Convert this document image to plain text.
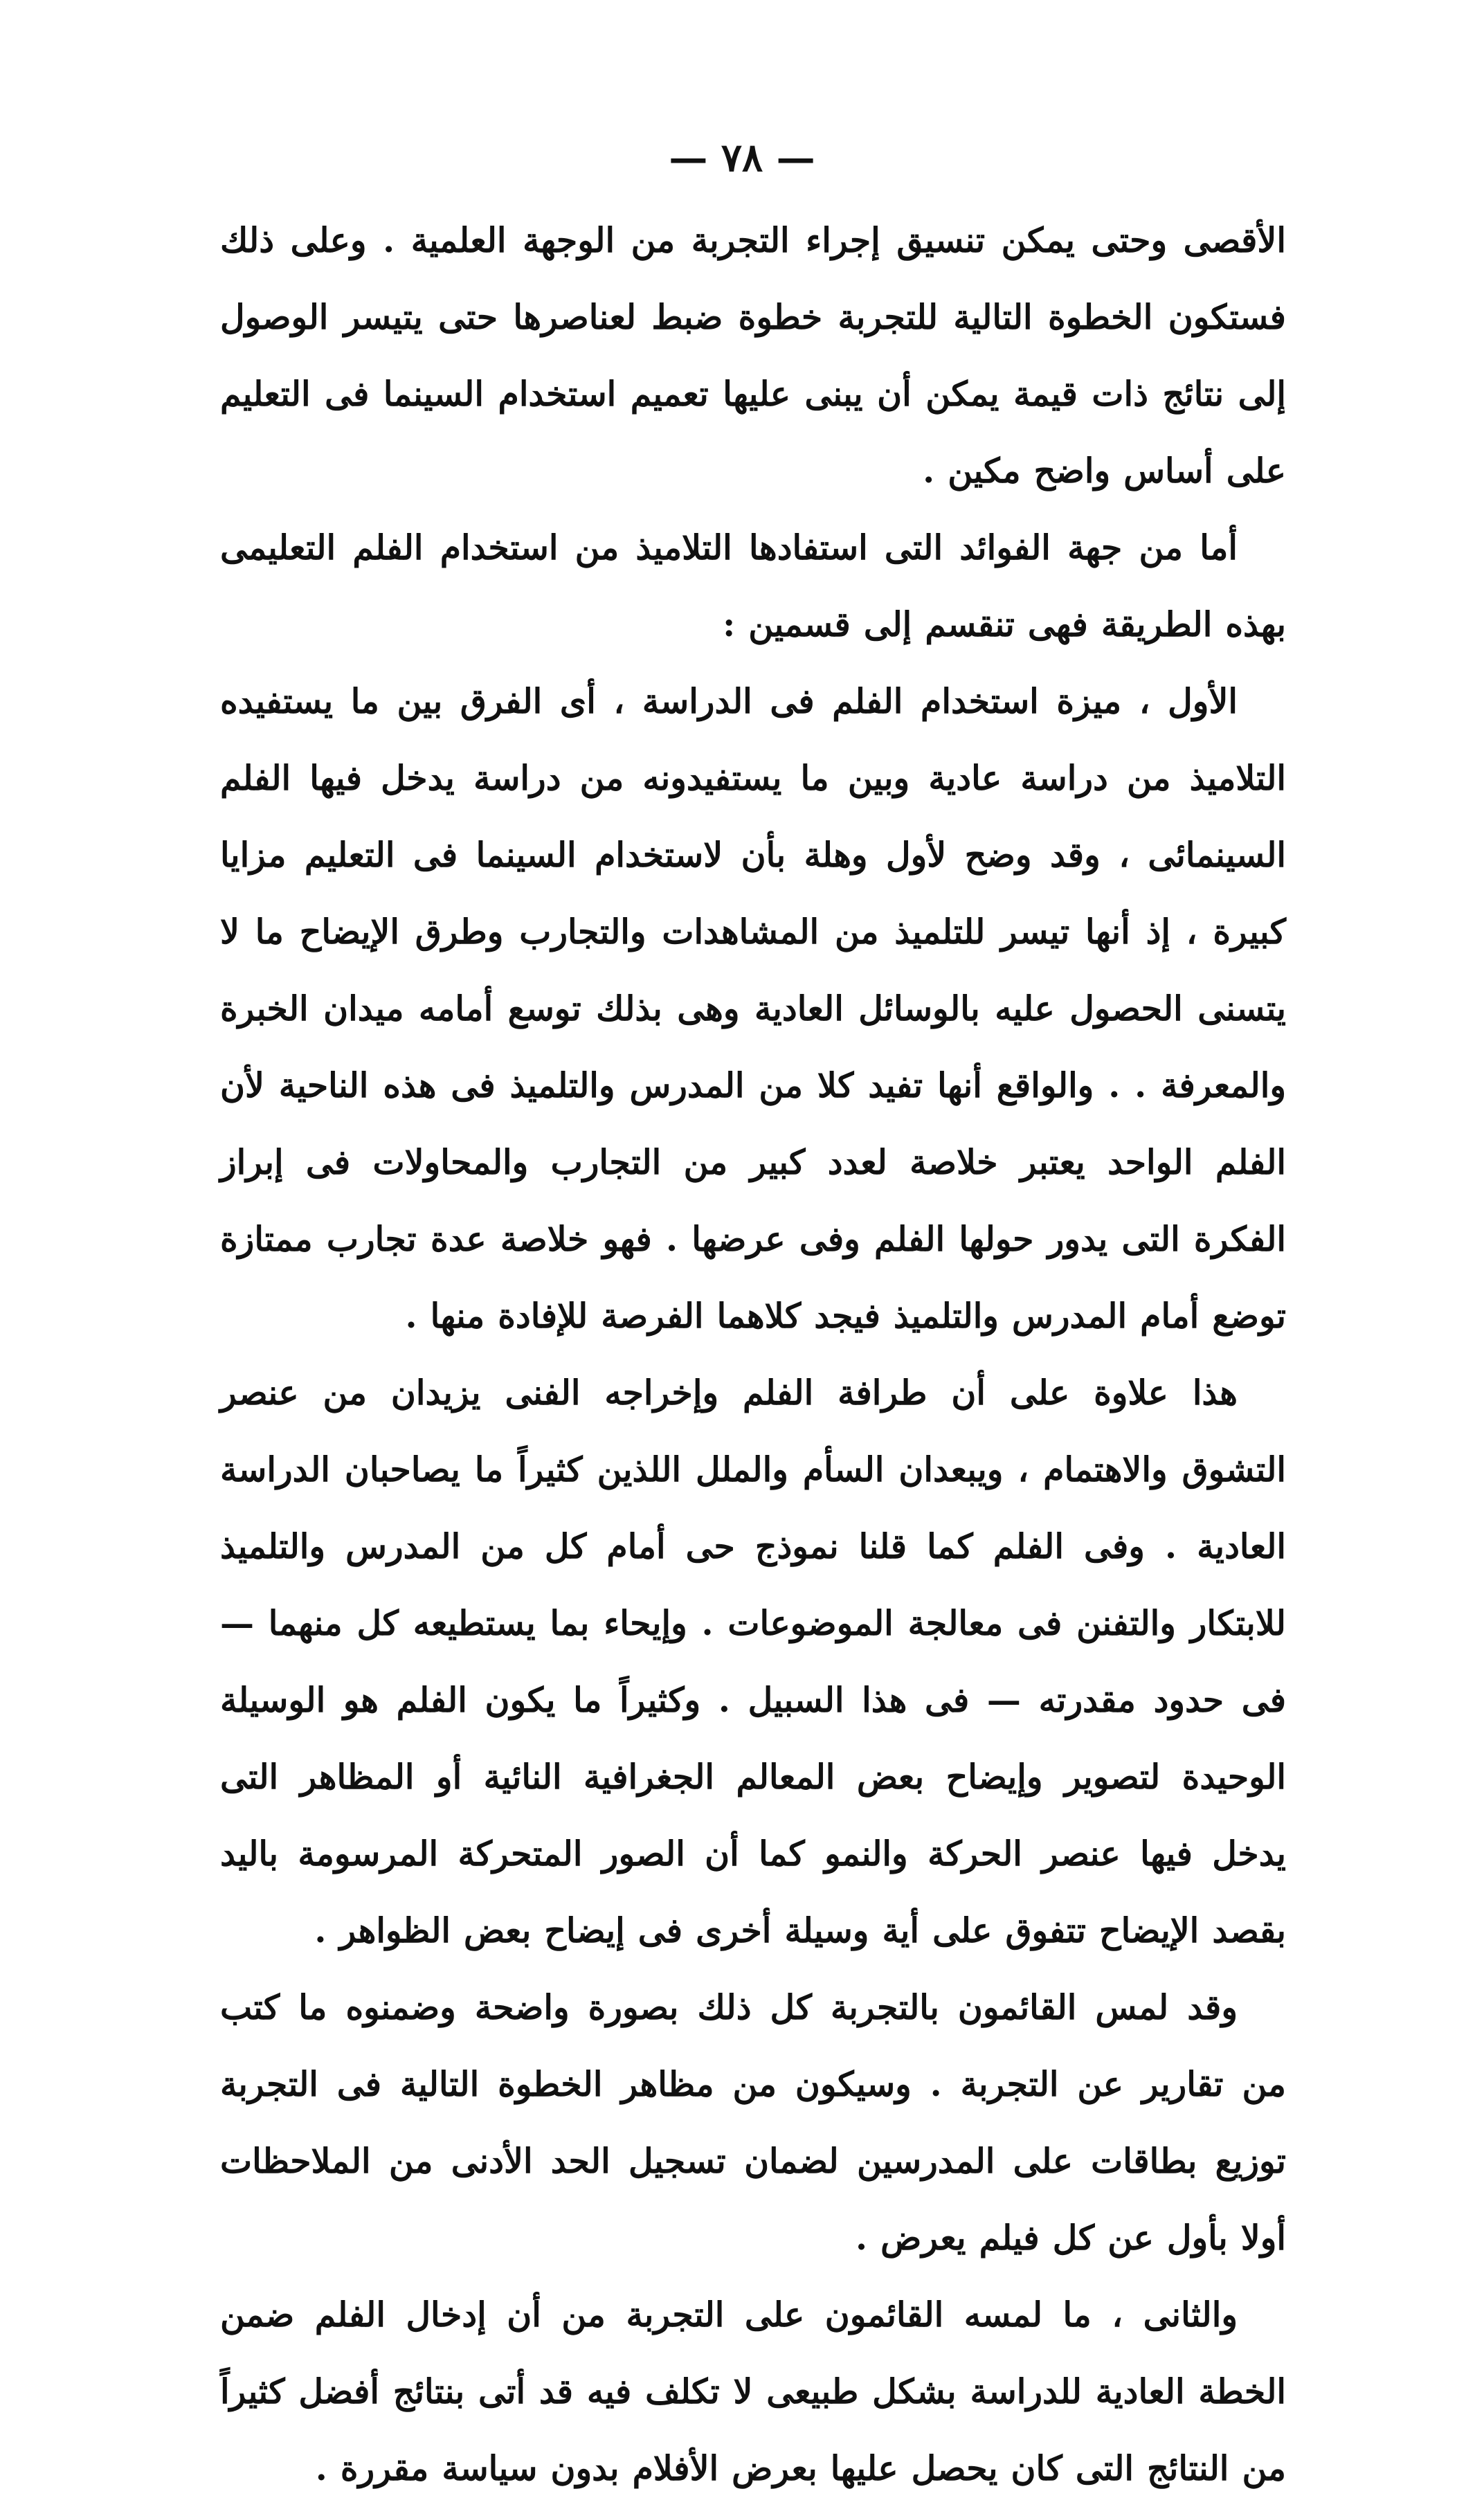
— ٧٨ —

الأقصى وحتى يمكن تنسيق إجراء التجربة من الوجهة العلمية . وعلى ذلك فستكون الخطوة التالية للتجربة خطوة ضبط لعناصرها حتى يتيسر الوصول إلى نتائج ذات قيمة يمكن أن يبنى عليها تعميم استخدام السينما فى التعليم على أساس واضح مكين .

أما من جهة الفوائد التى استفادها التلاميذ من استخدام الفلم التعليمى بهذه الطريقة فهى تنقسم إلى قسمين :

الأول ، ميزة استخدام الفلم فى الدراسة ، أى الفرق بين ما يستفيده التلاميذ من دراسة عادية وبين ما يستفيدونه من دراسة يدخل فيها الفلم السينمائى ، وقد وضح لأول وهلة بأن لاستخدام السينما فى التعليم مزايا كبيرة ، إذ أنها تيسر للتلميذ من المشاهدات والتجارب وطرق الإيضاح ما لا يتسنى الحصول عليه بالوسائل العادية وهى بذلك توسع أمامه ميدان الخبرة والمعرفة . . والواقع أنها تفيد كلا من المدرس والتلميذ فى هذه الناحية لأن الفلم الواحد يعتبر خلاصة لعدد كبير من التجارب والمحاولات فى إبراز الفكرة التى يدور حولها الفلم وفى عرضها . فهو خلاصة عدة تجارب ممتازة توضع أمام المدرس والتلميذ فيجد كلاهما الفرصة للإفادة منها .

هذا علاوة على أن طرافة الفلم وإخراجه الفنى يزيدان من عنصر التشوق والاهتمام ، ويبعدان السأم والملل اللذين كثيراً ما يصاحبان الدراسة العادية . وفى الفلم كما قلنا نموذج حى أمام كل من المدرس والتلميذ للابتكار والتفنن فى معالجة الموضوعات . وإيحاء بما يستطيعه كل منهما — فى حدود مقدرته — فى هذا السبيل . وكثيراً ما يكون الفلم هو الوسيلة الوحيدة لتصوير وإيضاح بعض المعالم الجغرافية النائية أو المظاهر التى يدخل فيها عنصر الحركة والنمو كما أن الصور المتحركة المرسومة باليد بقصد الإيضاح تتفوق على أية وسيلة أخرى فى إيضاح بعض الظواهر .

وقد لمس القائمون بالتجربة كل ذلك بصورة واضحة وضمنوه ما كتب من تقارير عن التجربة . وسيكون من مظاهر الخطوة التالية فى التجربة توزيع بطاقات على المدرسين لضمان تسجيل الحد الأدنى من الملاحظات أولا بأول عن كل فيلم يعرض .

والثانى ، ما لمسه القائمون على التجربة من أن إدخال الفلم ضمن الخطة العادية للدراسة بشكل طبيعى لا تكلف فيه قد أتى بنتائج أفضل كثيراً من النتائج التى كان يحصل عليها بعرض الأفلام بدون سياسة مقررة .
